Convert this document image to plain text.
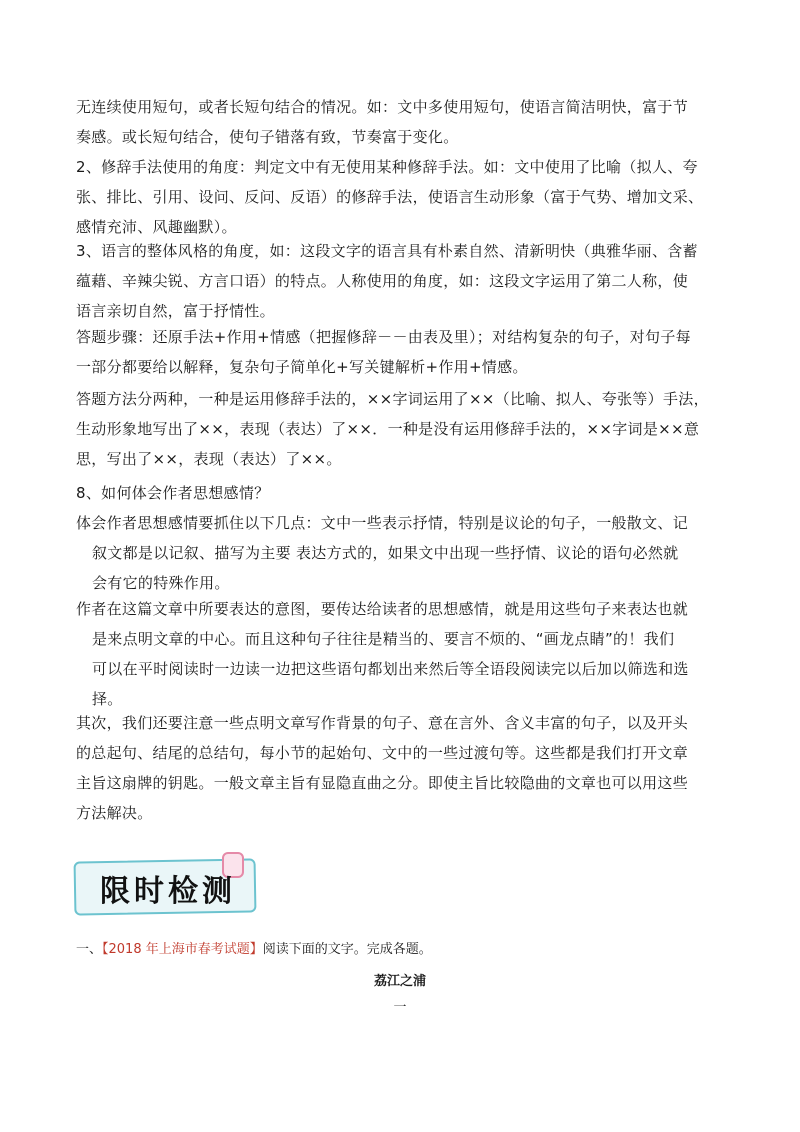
无连续使用短句，或者长短句结合的情况。如：文中多使用短句，使语言简洁明快，富于节
奏感。或长短句结合，使句子错落有致，节奏富于变化。
2、修辞手法使用的角度：判定文中有无使用某种修辞手法。如：文中使用了比喻（拟人、夸
张、排比、引用、设问、反问、反语）的修辞手法，使语言生动形象（富于气势、增加文采、
感情充沛、风趣幽默）。
3、语言的整体风格的角度，如：这段文字的语言具有朴素自然、清新明快（典雅华丽、含蓄
蕴藉、辛辣尖锐、方言口语）的特点。人称使用的角度，如：这段文字运用了第二人称，使
语言亲切自然，富于抒情性。
答题步骤：还原手法+作用+情感（把握修辞－－由表及里）；对结构复杂的句子，对句子每
一部分都要给以解释，复杂句子简单化+写关键解析+作用+情感。
答题方法分两种，一种是运用修辞手法的，××字词运用了××（比喻、拟人、夸张等）手法，
生动形象地写出了××，表现（表达）了××．一种是没有运用修辞手法的，××字词是××意
思，写出了××，表现（表达）了××。
8、如何体会作者思想感情？
体会作者思想感情要抓住以下几点：文中一些表示抒情，特别是议论的句子，一般散文、记
叙文都是以记叙、描写为主要 表达方式的，如果文中出现一些抒情、议论的语句必然就
会有它的特殊作用。
作者在这篇文章中所要表达的意图，要传达给读者的思想感情，就是用这些句子来表达也就
是来点明文章的中心。而且这种句子往往是精当的、要言不烦的、“画龙点睛”的！我们
可以在平时阅读时一边读一边把这些语句都划出来然后等全语段阅读完以后加以筛选和选
择。
其次，我们还要注意一些点明文章写作背景的句子、意在言外、含义丰富的句子，以及开头
的总起句、结尾的总结句，每小节的起始句、文中的一些过渡句等。这些都是我们打开文章
主旨这扇牌的钥匙。一般文章主旨有显隐直曲之分。即使主旨比较隐曲的文章也可以用这些
方法解决。
限时检测
一、【2018 年上海市春考试题】阅读下面的文字。完成各题。
荔江之浦
一
